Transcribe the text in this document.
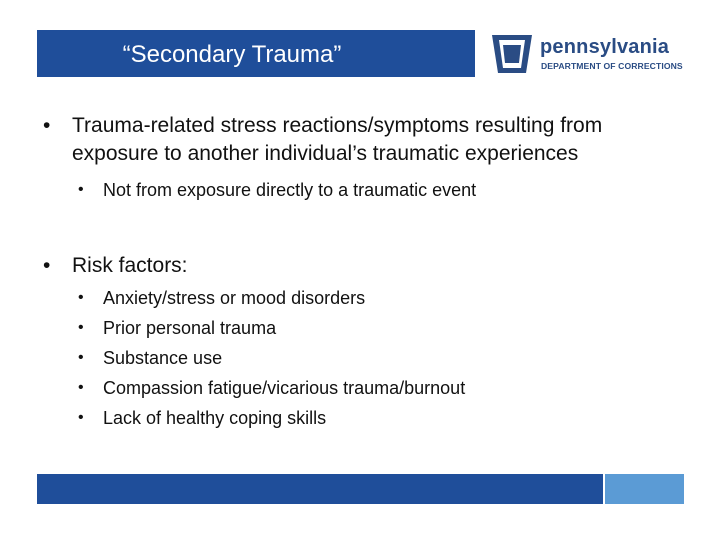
“Secondary Trauma”	pennsylvania
DEPARTMENT OF CORRECTIONS
• Trauma-related stress reactions/symptoms resulting from exposure to another individual’s traumatic experiences
• Not from exposure directly to a traumatic event
• Risk factors:
• Anxiety/stress or mood disorders
• Prior personal trauma
• Substance use
• Compassion fatigue/vicarious trauma/burnout
• Lack of healthy coping skills
